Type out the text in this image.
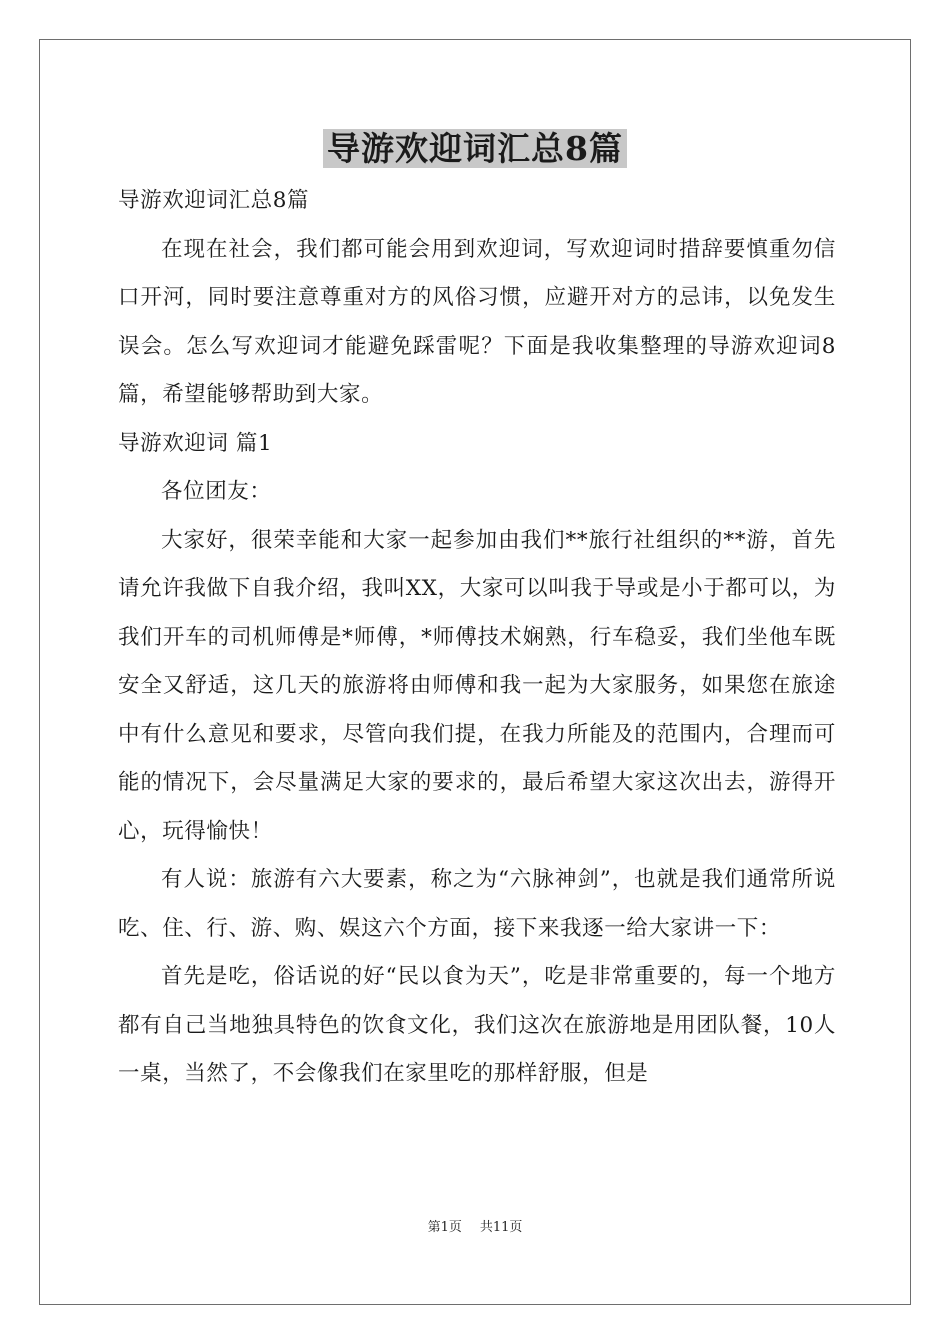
导游欢迎词汇总8篇

导游欢迎词汇总8篇

在现在社会，我们都可能会用到欢迎词，写欢迎词时措辞要慎重勿信口开河，同时要注意尊重对方的风俗习惯，应避开对方的忌讳，以免发生误会。怎么写欢迎词才能避免踩雷呢？下面是我收集整理的导游欢迎词8篇，希望能够帮助到大家。

导游欢迎词 篇1

各位团友：

大家好，很荣幸能和大家一起参加由我们**旅行社组织的**游，首先请允许我做下自我介绍，我叫XX，大家可以叫我于导或是小于都可以，为我们开车的司机师傅是*师傅，*师傅技术娴熟，行车稳妥，我们坐他车既安全又舒适，这几天的旅游将由师傅和我一起为大家服务，如果您在旅途中有什么意见和要求，尽管向我们提，在我力所能及的范围内，合理而可能的情况下，会尽量满足大家的要求的，最后希望大家这次出去，游得开心，玩得愉快！

有人说：旅游有六大要素，称之为“六脉神剑”，也就是我们通常所说吃、住、行、游、购、娱这六个方面，接下来我逐一给大家讲一下：

首先是吃，俗话说的好“民以食为天”，吃是非常重要的，每一个地方都有自己当地独具特色的饮食文化，我们这次在旅游地是用团队餐，10人一桌，当然了，不会像我们在家里吃的那样舒服，但是

第1页 共11页
